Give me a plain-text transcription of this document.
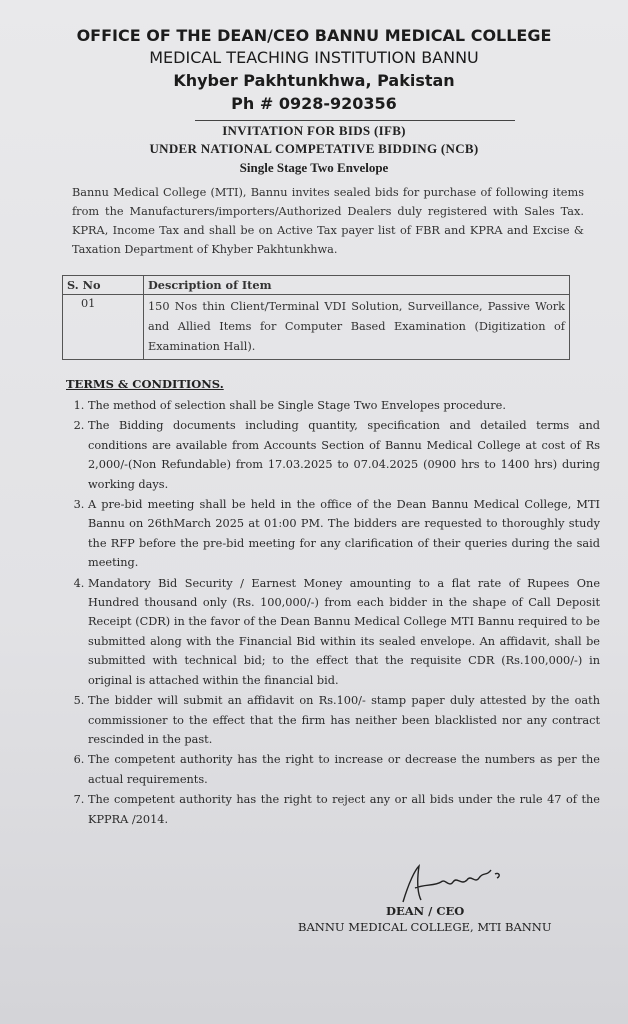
OFFICE OF THE DEAN/CEO BANNU MEDICAL COLLEGE
MEDICAL TEACHING INSTITUTION BANNU
Khyber Pakhtunkhwa, Pakistan
Ph # 0928-920356
INVITATION FOR BIDS (IFB)
UNDER NATIONAL COMPETATIVE BIDDING (NCB)
Single Stage Two Envelope
Bannu Medical College (MTI), Bannu invites sealed bids for purchase of following items from the Manufacturers/importers/Authorized Dealers duly registered with Sales Tax. KPRA, Income Tax and shall be on Active Tax payer list of FBR and KPRA and Excise & Taxation Department of Khyber Pakhtunkhwa.
S. No	Description of Item
01	150 Nos thin Client/Terminal VDI Solution, Surveillance, Passive Work and Allied Items for Computer Based Examination (Digitization of Examination Hall).
TERMS & CONDITIONS.
1. The method of selection shall be Single Stage Two Envelopes procedure.
2. The Bidding documents including quantity, specification and detailed terms and conditions are available from Accounts Section of Bannu Medical College at cost of Rs 2,000/-(Non Refundable) from 17.03.2025 to 07.04.2025 (0900 hrs to 1400 hrs) during working days.
3. A pre-bid meeting shall be held in the office of the Dean Bannu Medical College, MTI Bannu on 26thMarch 2025 at 01:00 PM. The bidders are requested to thoroughly study the RFP before the pre-bid meeting for any clarification of their queries during the said meeting.
4. Mandatory Bid Security / Earnest Money amounting to a flat rate of Rupees One Hundred thousand only (Rs. 100,000/-) from each bidder in the shape of Call Deposit Receipt (CDR) in the favor of the Dean Bannu Medical College MTI Bannu required to be submitted along with the Financial Bid within its sealed envelope. An affidavit, shall be submitted with technical bid; to the effect that the requisite CDR (Rs.100,000/-) in original is attached within the financial bid.
5. The bidder will submit an affidavit on Rs.100/- stamp paper duly attested by the oath commissioner to the effect that the firm has neither been blacklisted nor any contract rescinded in the past.
6. The competent authority has the right to increase or decrease the numbers as per the actual requirements.
7. The competent authority has the right to reject any or all bids under the rule 47 of the KPPRA /2014.
DEAN / CEO
BANNU MEDICAL COLLEGE, MTI BANNU
